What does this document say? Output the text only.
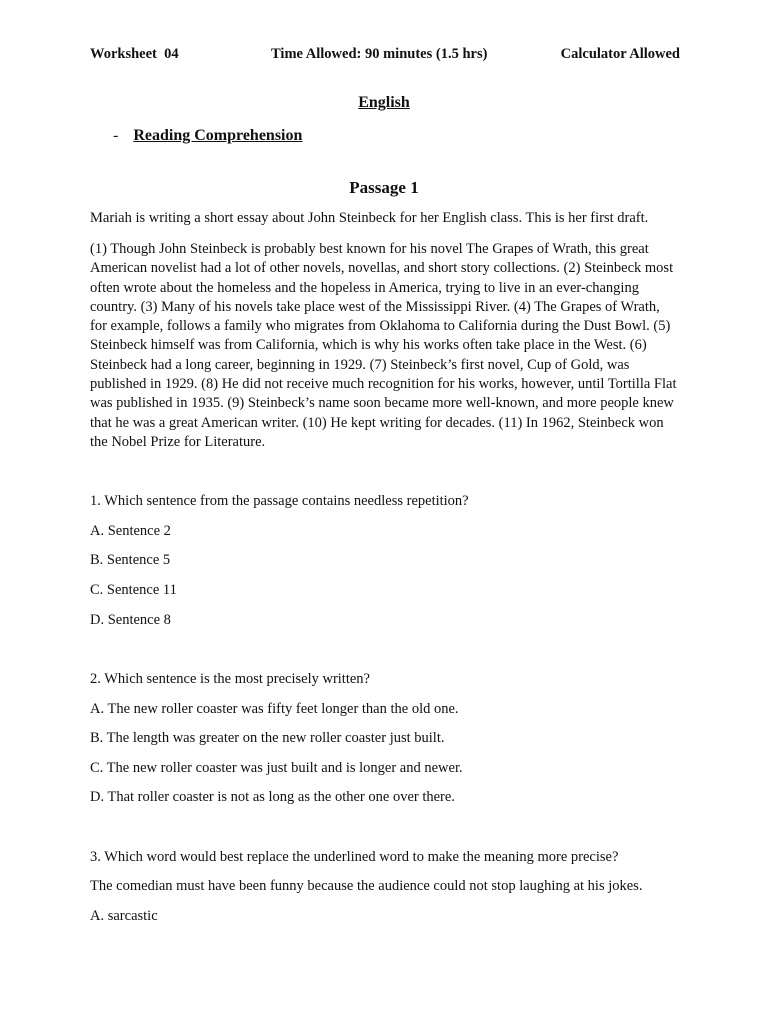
Worksheet  04	Time Allowed: 90 minutes (1.5 hrs)	Calculator Allowed
English
- Reading Comprehension
Passage 1
Mariah is writing a short essay about John Steinbeck for her English class. This is her first draft.
(1) Though John Steinbeck is probably best known for his novel The Grapes of Wrath, this great American novelist had a lot of other novels, novellas, and short story collections. (2) Steinbeck most often wrote about the homeless and the hopeless in America, trying to live in an ever-changing country. (3) Many of his novels take place west of the Mississippi River. (4) The Grapes of Wrath, for example, follows a family who migrates from Oklahoma to California during the Dust Bowl. (5) Steinbeck himself was from California, which is why his works often take place in the West. (6) Steinbeck had a long career, beginning in 1929. (7) Steinbeck’s first novel, Cup of Gold, was published in 1929. (8) He did not receive much recognition for his works, however, until Tortilla Flat was published in 1935. (9) Steinbeck’s name soon became more well-known, and more people knew that he was a great American writer. (10) He kept writing for decades. (11) In 1962, Steinbeck won the Nobel Prize for Literature.
1. Which sentence from the passage contains needless repetition?
A. Sentence 2
B. Sentence 5
C. Sentence 11
D. Sentence 8
2. Which sentence is the most precisely written?
A. The new roller coaster was fifty feet longer than the old one.
B. The length was greater on the new roller coaster just built.
C. The new roller coaster was just built and is longer and newer.
D. That roller coaster is not as long as the other one over there.
3. Which word would best replace the underlined word to make the meaning more precise?
The comedian must have been funny because the audience could not stop laughing at his jokes.
A. sarcastic
